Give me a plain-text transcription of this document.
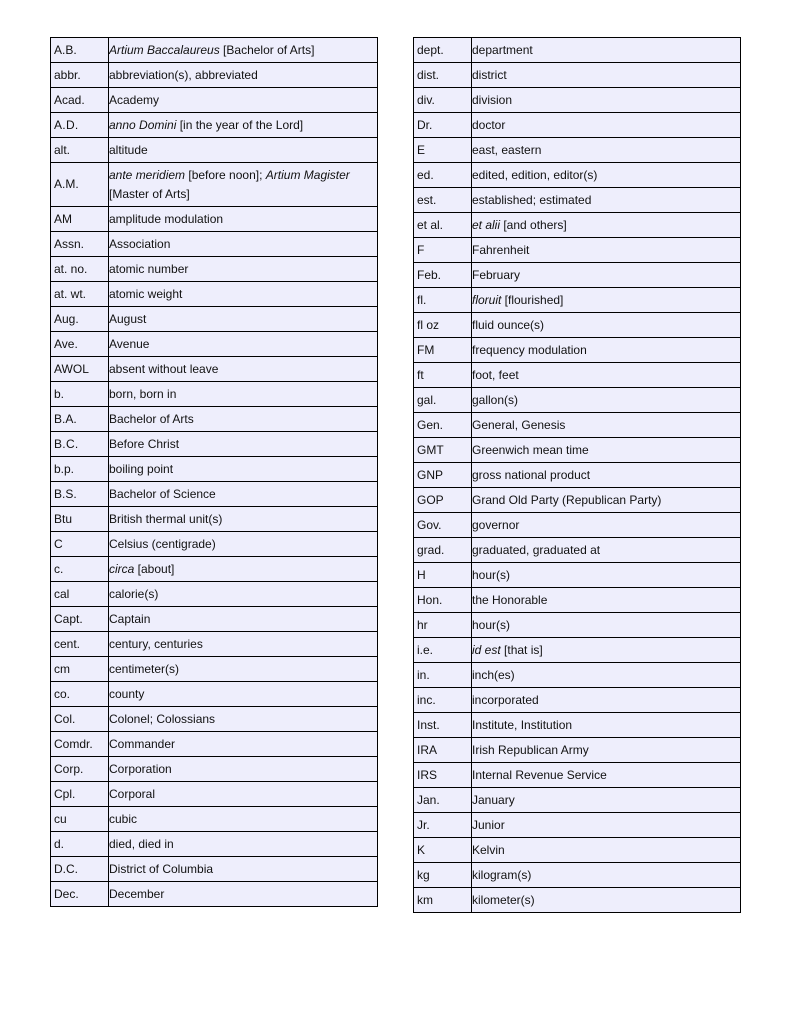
A.B.	Artium Baccalaureus [Bachelor of Arts]
abbr.	abbreviation(s), abbreviated
Acad.	Academy
A.D.	anno Domini [in the year of the Lord]
alt.	altitude
A.M.	ante meridiem [before noon]; Artium Magister [Master of Arts]
AM	amplitude modulation
Assn.	Association
at. no.	atomic number
at. wt.	atomic weight
Aug.	August
Ave.	Avenue
AWOL	absent without leave
b.	born, born in
B.A.	Bachelor of Arts
B.C.	Before Christ
b.p.	boiling point
B.S.	Bachelor of Science
Btu	British thermal unit(s)
C	Celsius (centigrade)
c.	circa [about]
cal	calorie(s)
Capt.	Captain
cent.	century, centuries
cm	centimeter(s)
co.	county
Col.	Colonel; Colossians
Comdr.	Commander
Corp.	Corporation
Cpl.	Corporal
cu	cubic
d.	died, died in
D.C.	District of Columbia
Dec.	December
dept.	department
dist.	district
div.	division
Dr.	doctor
E	east, eastern
ed.	edited, edition, editor(s)
est.	established; estimated
et al.	et alii [and others]
F	Fahrenheit
Feb.	February
fl.	floruit [flourished]
fl oz	fluid ounce(s)
FM	frequency modulation
ft	foot, feet
gal.	gallon(s)
Gen.	General, Genesis
GMT	Greenwich mean time
GNP	gross national product
GOP	Grand Old Party (Republican Party)
Gov.	governor
grad.	graduated, graduated at
H	hour(s)
Hon.	the Honorable
hr	hour(s)
i.e.	id est [that is]
in.	inch(es)
inc.	incorporated
Inst.	Institute, Institution
IRA	Irish Republican Army
IRS	Internal Revenue Service
Jan.	January
Jr.	Junior
K	Kelvin
kg	kilogram(s)
km	kilometer(s)
